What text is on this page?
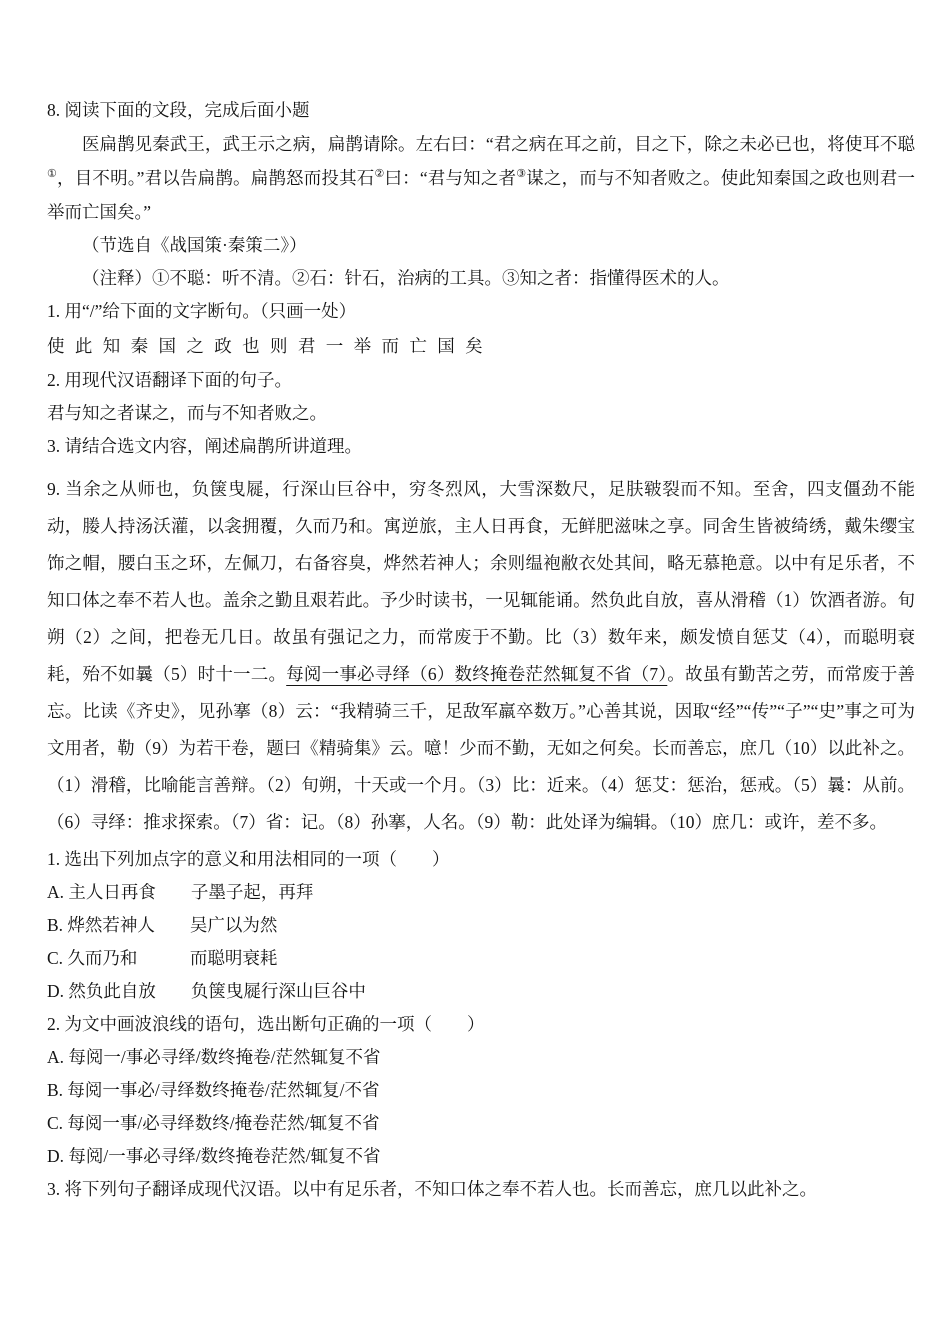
8. 阅读下面的文段，完成后面小题

医扁鹊见秦武王，武王示之病，扁鹊请除。左右曰：“君之病在耳之前，目之下，除之未必已也，将使耳不聪①，目不明。”君以告扁鹊。扁鹊怒而投其石②曰：“君与知之者③谋之，而与不知者败之。使此知秦国之政也则君一举而亡国矣。”

（节选自《战国策·秦策二》）

（注释）①不聪：听不清。②石：针石，治病的工具。③知之者：指懂得医术的人。

1. 用“/”给下面的文字断句。（只画一处）

使 此 知 秦 国 之 政 也 则 君 一 举 而 亡 国 矣

2. 用现代汉语翻译下面的句子。

君与知之者谋之，而与不知者败之。

3. 请结合选文内容，阐述扁鹊所讲道理。

9. 当余之从师也，负箧曳屣，行深山巨谷中，穷冬烈风，大雪深数尺，足肤皲裂而不知。至舍，四支僵劲不能动，媵人持汤沃灌，以衾拥覆，久而乃和。寓逆旅，主人日再食，无鲜肥滋味之享。同舍生皆被绮绣，戴朱缨宝饰之帽，腰白玉之环，左佩刀，右备容臭，烨然若神人；余则缊袍敝衣处其间，略无慕艳意。以中有足乐者，不知口体之奉不若人也。盖余之勤且艰若此。予少时读书，一见辄能诵。然负此自放，喜从滑稽（1）饮酒者游。旬朔（2）之间，把卷无几日。故虽有强记之力，而常废于不勤。比（3）数年来，颇发愤自惩艾（4），而聪明衰耗，殆不如曩（5）时十一二。每阅一事必寻绎（6）数终掩卷茫然辄复不省（7）。故虽有勤苦之劳，而常废于善忘。比读《齐史》，见孙搴（8）云：“我精骑三千，足敌军羸卒数万。”心善其说，因取“经”“传”“子”“史”事之可为文用者，勒（9）为若干卷，题曰《精骑集》云。噫！少而不勤，无如之何矣。长而善忘，庶几（10）以此补之。（1）滑稽，比喻能言善辩。（2）旬朔，十天或一个月。（3）比：近来。（4）惩艾：惩治，惩戒。（5）曩：从前。（6）寻绎：推求探索。（7）省：记。（8）孙搴，人名。（9）勒：此处译为编辑。（10）庶几：或许，差不多。

1. 选出下列加点字的意义和用法相同的一项（　　）

A. 主人日再食　　子墨子起，再拜

B. 烨然若神人　　吴广以为然

C. 久而乃和　　　而聪明衰耗

D. 然负此自放　　负箧曳屣行深山巨谷中

2. 为文中画波浪线的语句，选出断句正确的一项（　　）

A. 每阅一/事必寻绎/数终掩卷/茫然辄复不省

B. 每阅一事必/寻绎数终掩卷/茫然辄复/不省

C. 每阅一事/必寻绎数终/掩卷茫然/辄复不省

D. 每阅/一事必寻绎/数终掩卷茫然/辄复不省

3. 将下列句子翻译成现代汉语。以中有足乐者，不知口体之奉不若人也。长而善忘，庶几以此补之。
